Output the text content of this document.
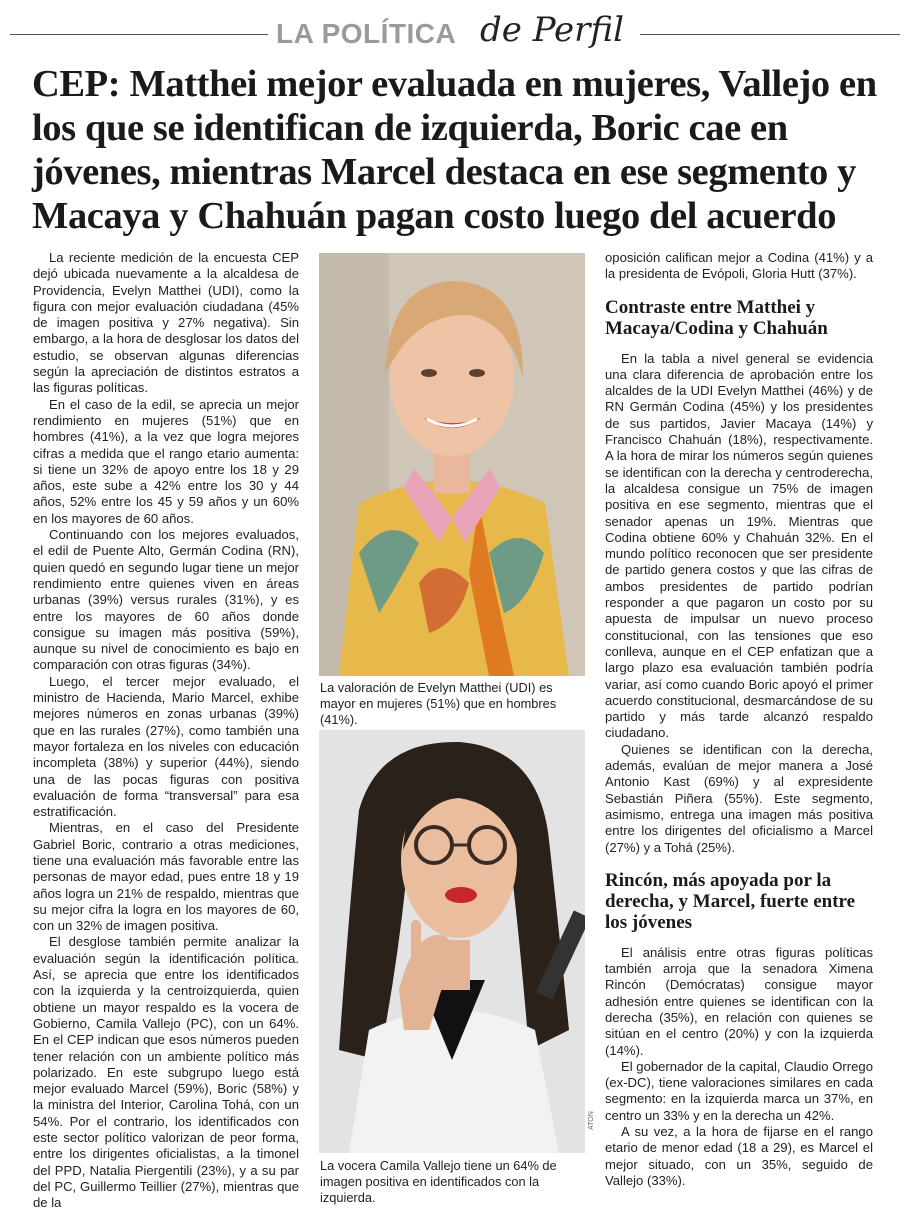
LA POLÍTICA de Perfil
CEP: Matthei mejor evaluada en mujeres, Vallejo en los que se identifican de izquierda, Boric cae en jóvenes, mientras Marcel destaca en ese segmento y Macaya y Chahuán pagan costo luego del acuerdo

La reciente medición de la encuesta CEP dejó ubicada nuevamente a la alcaldesa de Providencia, Evelyn Matthei (UDI), como la figura con mejor evaluación ciudadana (45% de imagen positiva y 27% negativa). Sin embargo, a la hora de desglosar los datos del estudio, se observan algunas diferencias según la apreciación de distintos estratos a las figuras políticas.

En el caso de la edil, se aprecia un mejor rendimiento en mujeres (51%) que en hombres (41%), a la vez que logra mejores cifras a medida que el rango etario aumenta: si tiene un 32% de apoyo entre los 18 y 29 años, este sube a 42% entre los 30 y 44 años, 52% entre los 45 y 59 años y un 60% en los mayores de 60 años.

Continuando con los mejores evaluados, el edil de Puente Alto, Germán Codina (RN), quien quedó en segundo lugar tiene un mejor rendimiento entre quienes viven en áreas urbanas (39%) versus rurales (31%), y es entre los mayores de 60 años donde consigue su imagen más positiva (59%), aunque su nivel de conocimiento es bajo en comparación con otras figuras (34%).

Luego, el tercer mejor evaluado, el ministro de Hacienda, Mario Marcel, exhibe mejores números en zonas urbanas (39%) que en las rurales (27%), como también una mayor fortaleza en los niveles con educación incompleta (38%) y superior (44%), siendo una de las pocas figuras con positiva evaluación de forma “transversal” para esa estratificación.

Mientras, en el caso del Presidente Gabriel Boric, contrario a otras mediciones, tiene una evaluación más favorable entre las personas de mayor edad, pues entre 18 y 19 años logra un 21% de respaldo, mientras que su mejor cifra la logra en los mayores de 60, con un 32% de imagen positiva.

El desglose también permite analizar la evaluación según la identificación política. Así, se aprecia que entre los identificados con la izquierda y la centroizquierda, quien obtiene un mayor respaldo es la vocera de Gobierno, Camila Vallejo (PC), con un 64%. En el CEP indican que esos números pueden tener relación con un ambiente político más polarizado. En este subgrupo luego está mejor evaluado Marcel (59%), Boric (58%) y la ministra del Interior, Carolina Tohá, con un 54%. Por el contrario, los identificados con este sector político valorizan de peor forma, entre los dirigentes oficialistas, a la timonel del PPD, Natalia Piergentili (23%), y a su par del PC, Guillermo Teillier (27%), mientras que de la

La valoración de Evelyn Matthei (UDI) es mayor en mujeres (51%) que en hombres (41%).
ATON
La vocera Camila Vallejo tiene un 64% de imagen positiva en identificados con la izquierda.

oposición califican mejor a Codina (41%) y a la presidenta de Evópoli, Gloria Hutt (37%).

Contraste entre Matthei y Macaya/Codina y Chahuán

En la tabla a nivel general se evidencia una clara diferencia de aprobación entre los alcaldes de la UDI Evelyn Matthei (46%) y de RN Germán Codina (45%) y los presidentes de sus partidos, Javier Macaya (14%) y Francisco Chahuán (18%), respectivamente. A la hora de mirar los números según quienes se identifican con la derecha y centroderecha, la alcaldesa consigue un 75% de imagen positiva en ese segmento, mientras que el senador apenas un 19%. Mientras que Codina obtiene 60% y Chahuán 32%. En el mundo político reconocen que ser presidente de partido genera costos y que las cifras de ambos presidentes de partido podrían responder a que pagaron un costo por su apuesta de impulsar un nuevo proceso constitucional, con las tensiones que eso conlleva, aunque en el CEP enfatizan que a largo plazo esa evaluación también podría variar, así como cuando Boric apoyó el primer acuerdo constitucional, desmarcándose de su partido y más tarde alcanzó respaldo ciudadano.

Quienes se identifican con la derecha, además, evalúan de mejor manera a José Antonio Kast (69%) y al expresidente Sebastián Piñera (55%). Este segmento, asimismo, entrega una imagen más positiva entre los dirigentes del oficialismo a Marcel (27%) y a Tohá (25%).

Rincón, más apoyada por la derecha, y Marcel, fuerte entre los jóvenes

El análisis entre otras figuras políticas también arroja que la senadora Ximena Rincón (Demócratas) consigue mayor adhesión entre quienes se identifican con la derecha (35%), en relación con quienes se sitúan en el centro (20%) y con la izquierda (14%).

El gobernador de la capital, Claudio Orrego (ex-DC), tiene valoraciones similares en cada segmento: en la izquierda marca un 37%, en centro un 33% y en la derecha un 42%.

A su vez, a la hora de fijarse en el rango etario de menor edad (18 a 29), es Marcel el mejor situado, con un 35%, seguido de Vallejo (33%).
